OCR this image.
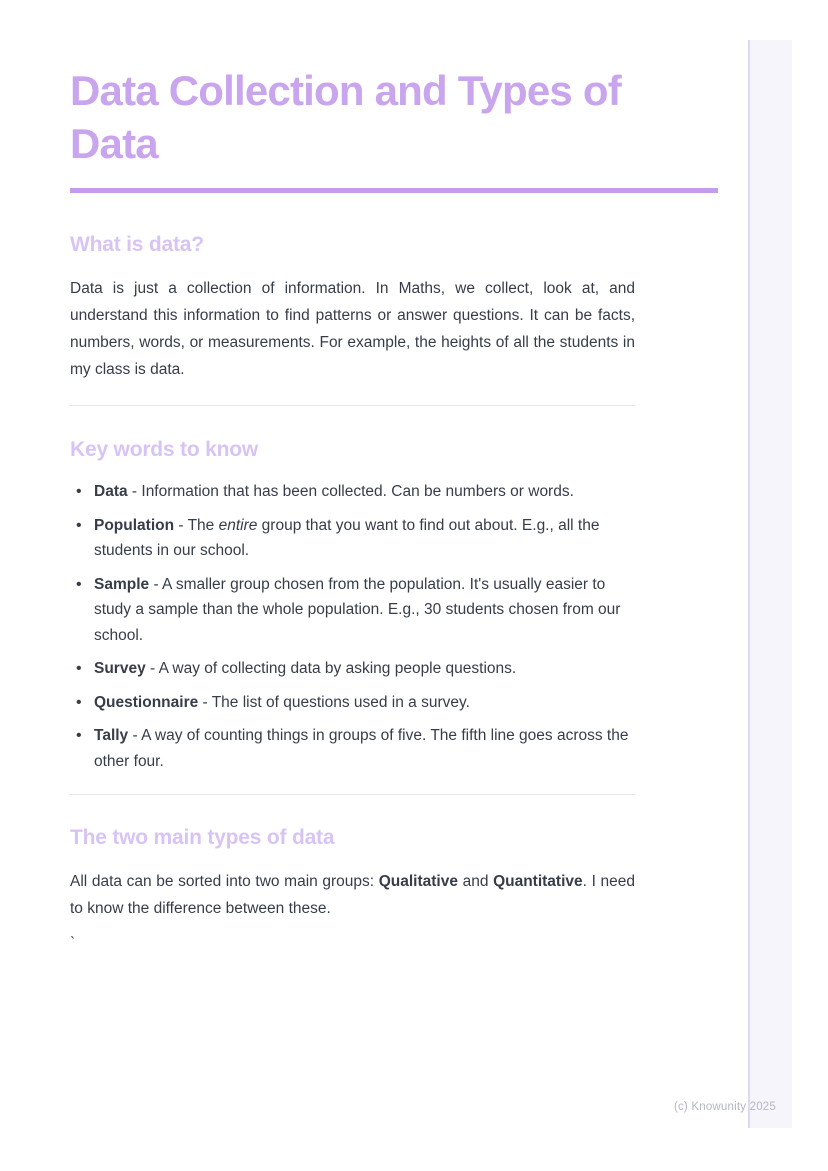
Data Collection and Types of Data
What is data?

Data is just a collection of information. In Maths, we collect, look at, and understand this information to find patterns or answer questions. It can be facts, numbers, words, or measurements. For example, the heights of all the students in my class is data.

Key words to know
• Data - Information that has been collected. Can be numbers or words.
• Population - The entire group that you want to find out about. E.g., all the students in our school.
• Sample - A smaller group chosen from the population. It's usually easier to study a sample than the whole population. E.g., 30 students chosen from our school.
• Survey - A way of collecting data by asking people questions.
• Questionnaire - The list of questions used in a survey.
• Tally - A way of counting things in groups of five. The fifth line goes across the other four.
The two main types of data

All data can be sorted into two main groups: Qualitative and Quantitative. I need to know the difference between these.

`

(c) Knowunity 2025
